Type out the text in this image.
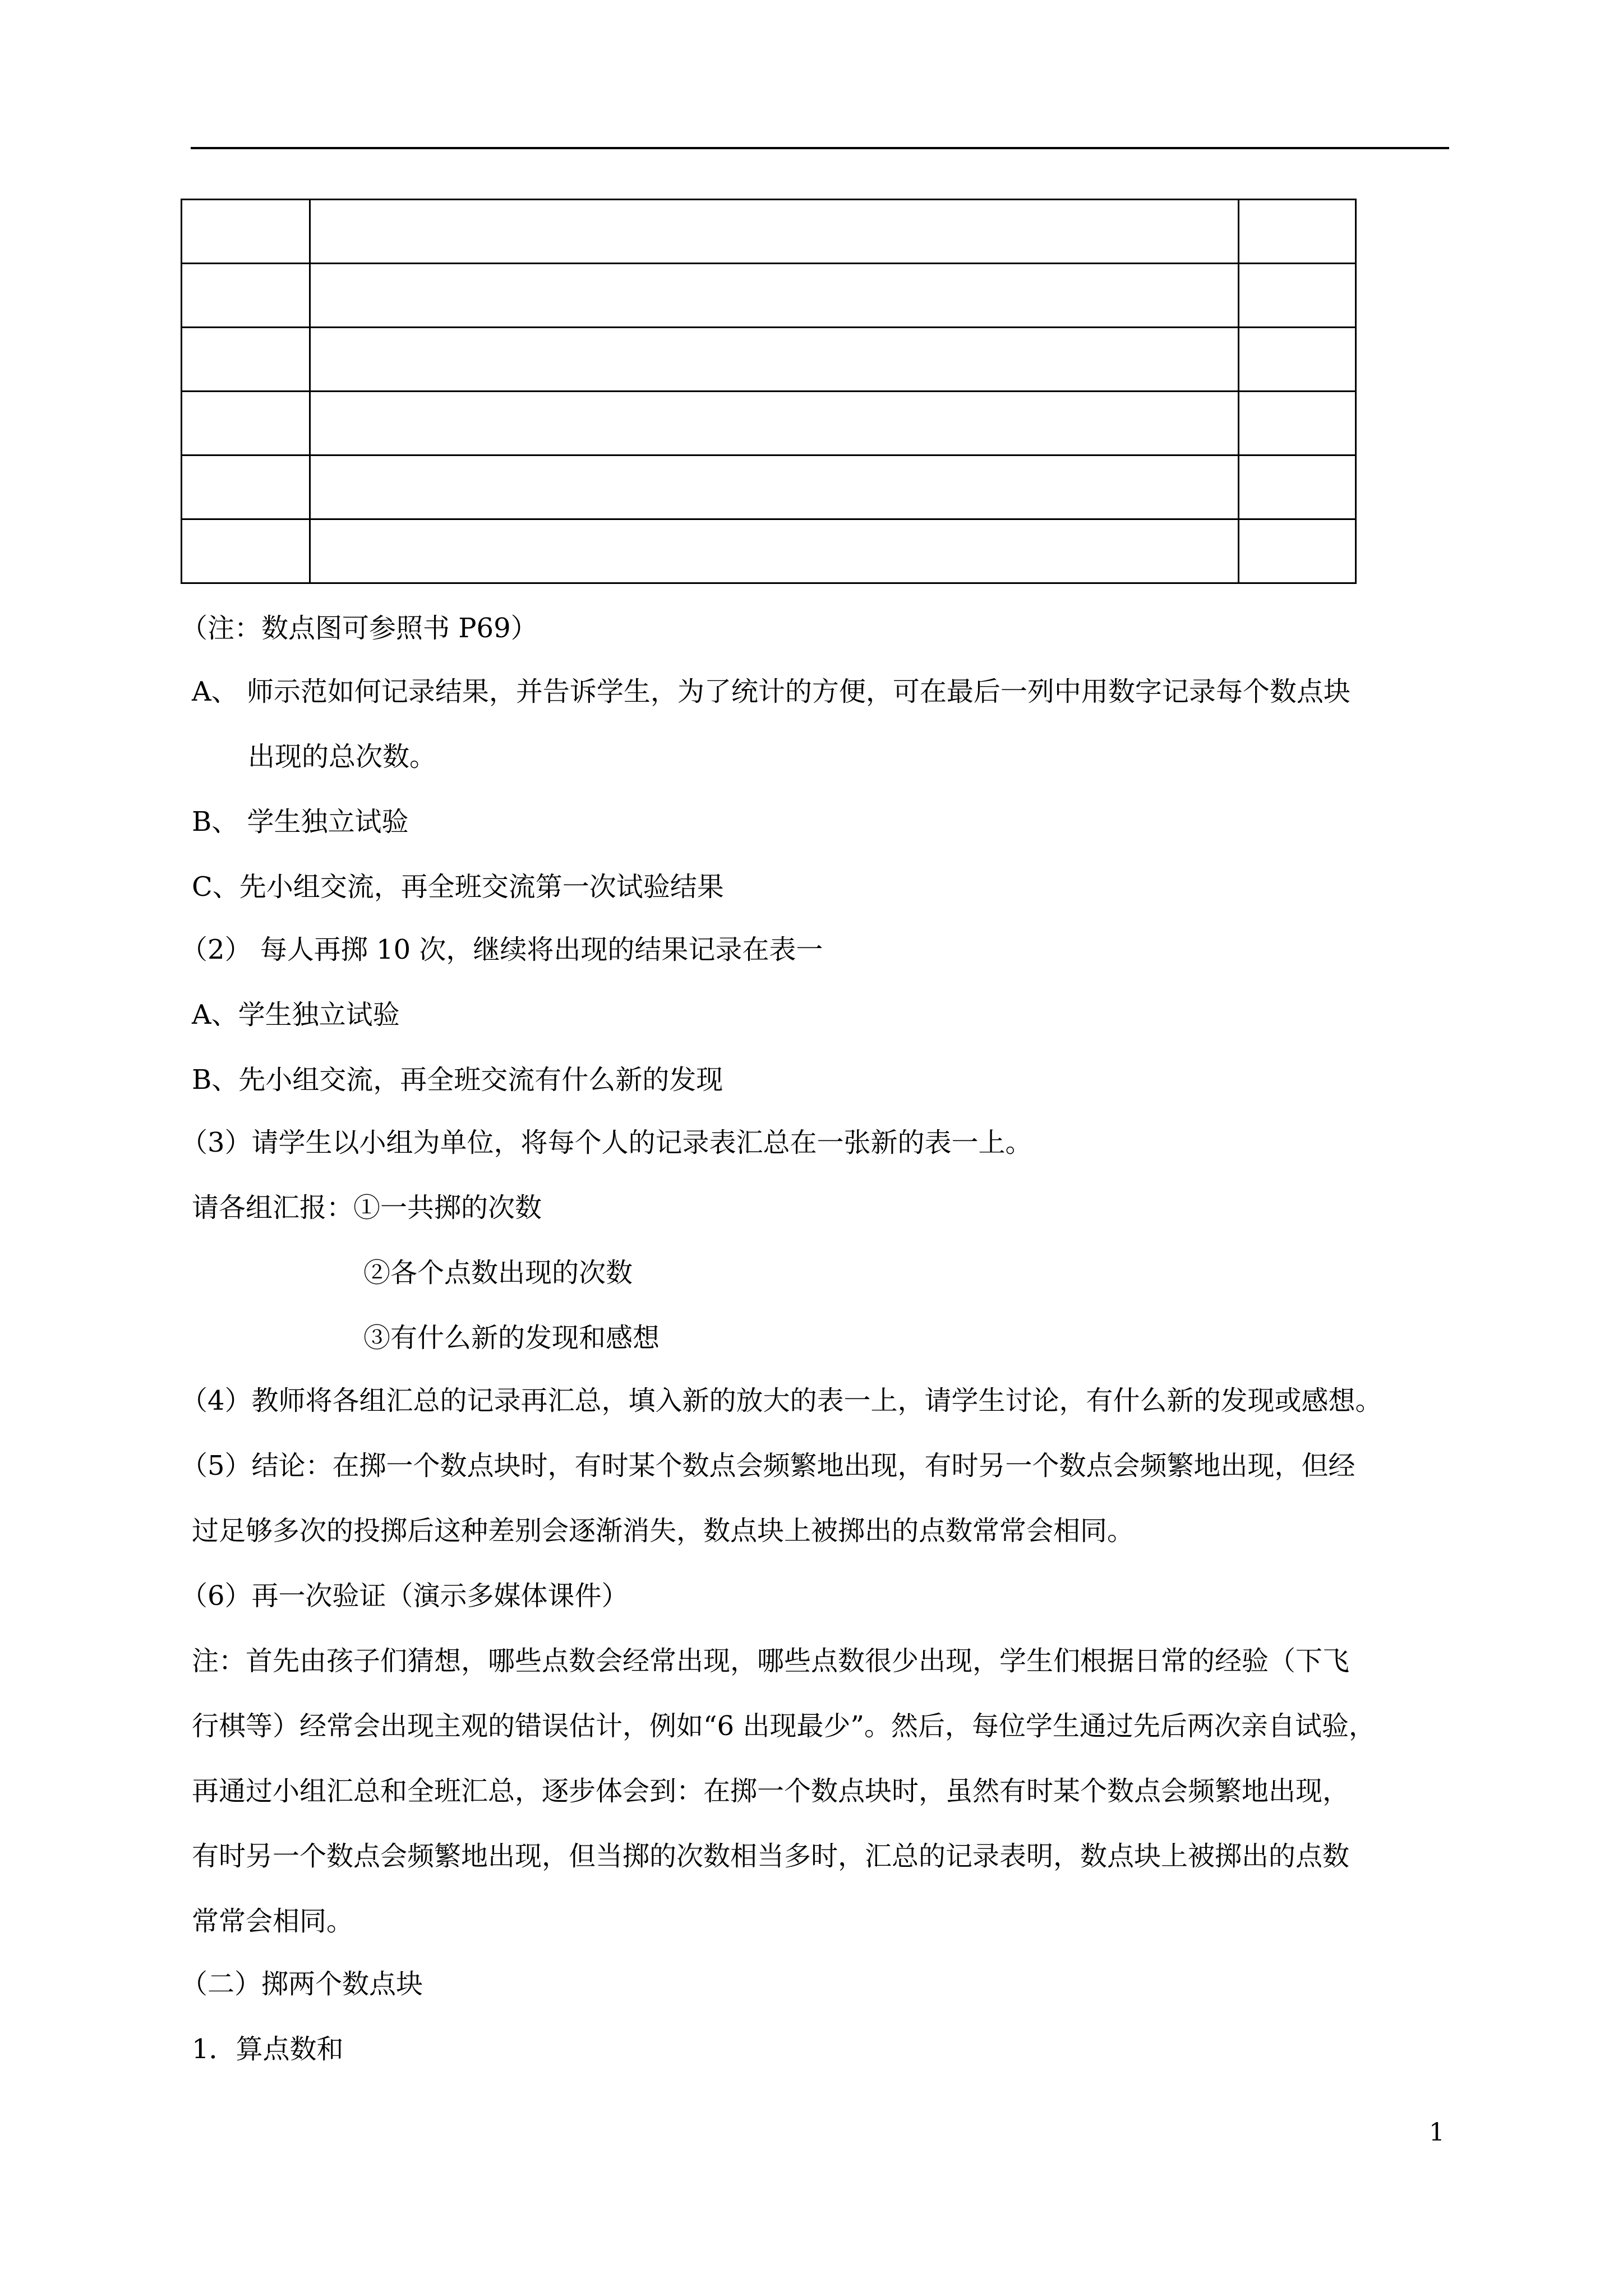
（注：数点图可参照书 P69）

A、 师示范如何记录结果，并告诉学生，为了统计的方便，可在最后一列中用数字记录每个数点块

出现的总次数。

B、 学生独立试验

C、先小组交流，再全班交流第一次试验结果

（2） 每人再掷 10 次，继续将出现的结果记录在表一

A、学生独立试验

B、先小组交流，再全班交流有什么新的发现

（3）请学生以小组为单位，将每个人的记录表汇总在一张新的表一上。

请各组汇报：①一共掷的次数

②各个点数出现的次数

③有什么新的发现和感想

（4）教师将各组汇总的记录再汇总，填入新的放大的表一上，请学生讨论，有什么新的发现或感想。

（5）结论：在掷一个数点块时，有时某个数点会频繁地出现，有时另一个数点会频繁地出现，但经

过足够多次的投掷后这种差别会逐渐消失，数点块上被掷出的点数常常会相同。

（6）再一次验证（演示多媒体课件）

注：首先由孩子们猜想，哪些点数会经常出现，哪些点数很少出现，学生们根据日常的经验（下飞

行棋等）经常会出现主观的错误估计，例如“6 出现最少”。然后，每位学生通过先后两次亲自试验，

再通过小组汇总和全班汇总，逐步体会到：在掷一个数点块时，虽然有时某个数点会频繁地出现，

有时另一个数点会频繁地出现，但当掷的次数相当多时，汇总的记录表明，数点块上被掷出的点数

常常会相同。

（二）掷两个数点块

1．算点数和

1
